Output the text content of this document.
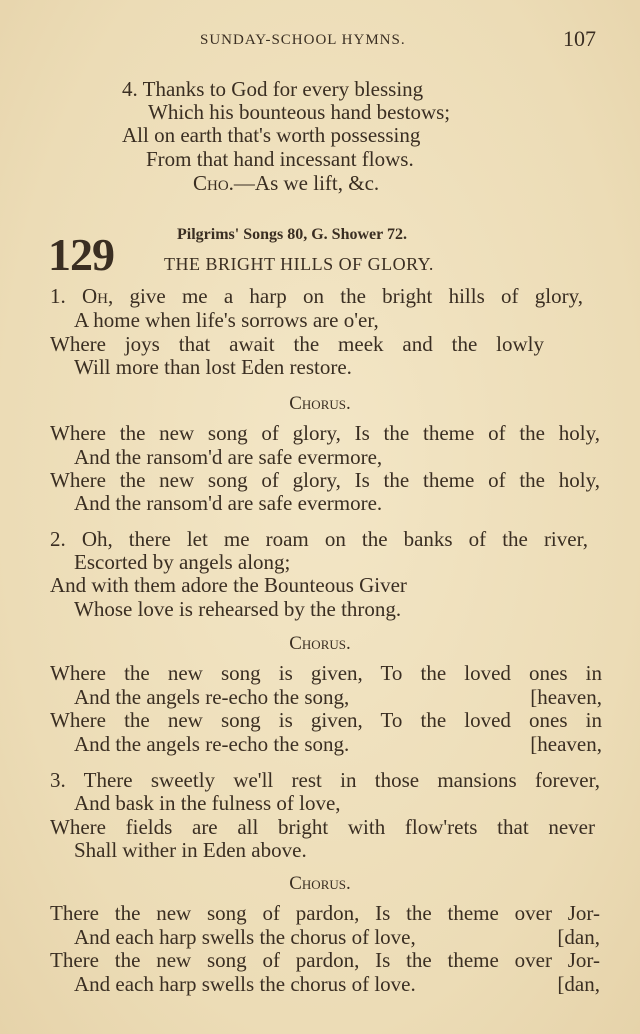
SUNDAY-SCHOOL HYMNS.	107
4. Thanks to God for every blessing
Which his bounteous hand bestows;
All on earth that's worth possessing
From that hand incessant flows.
Cho.—As we lift, &c.
129	Pilgrims' Songs 80, G. Shower 72.
THE BRIGHT HILLS OF GLORY.
1. Oh, give me a harp on the bright hills of glory,
A home when life's sorrows are o'er,
Where joys that await the meek and the lowly
Will more than lost Eden restore.
Chorus.
Where the new song of glory, Is the theme of the holy,
And the ransom'd are safe evermore,
Where the new song of glory, Is the theme of the holy,
And the ransom'd are safe evermore.
2. Oh, there let me roam on the banks of the river,
Escorted by angels along;
And with them adore the Bounteous Giver
Whose love is rehearsed by the throng.
Chorus.
Where the new song is given, To the loved ones in
And the angels re-echo the song,	[heaven,
Where the new song is given, To the loved ones in
And the angels re-echo the song.	[heaven,
3. There sweetly we'll rest in those mansions forever,
And bask in the fulness of love,
Where fields are all bright with flow'rets that never
Shall wither in Eden above.
Chorus.
There the new song of pardon, Is the theme over Jor-
And each harp swells the chorus of love,	[dan,
There the new song of pardon, Is the theme over Jor-
And each harp swells the chorus of love.	[dan,
